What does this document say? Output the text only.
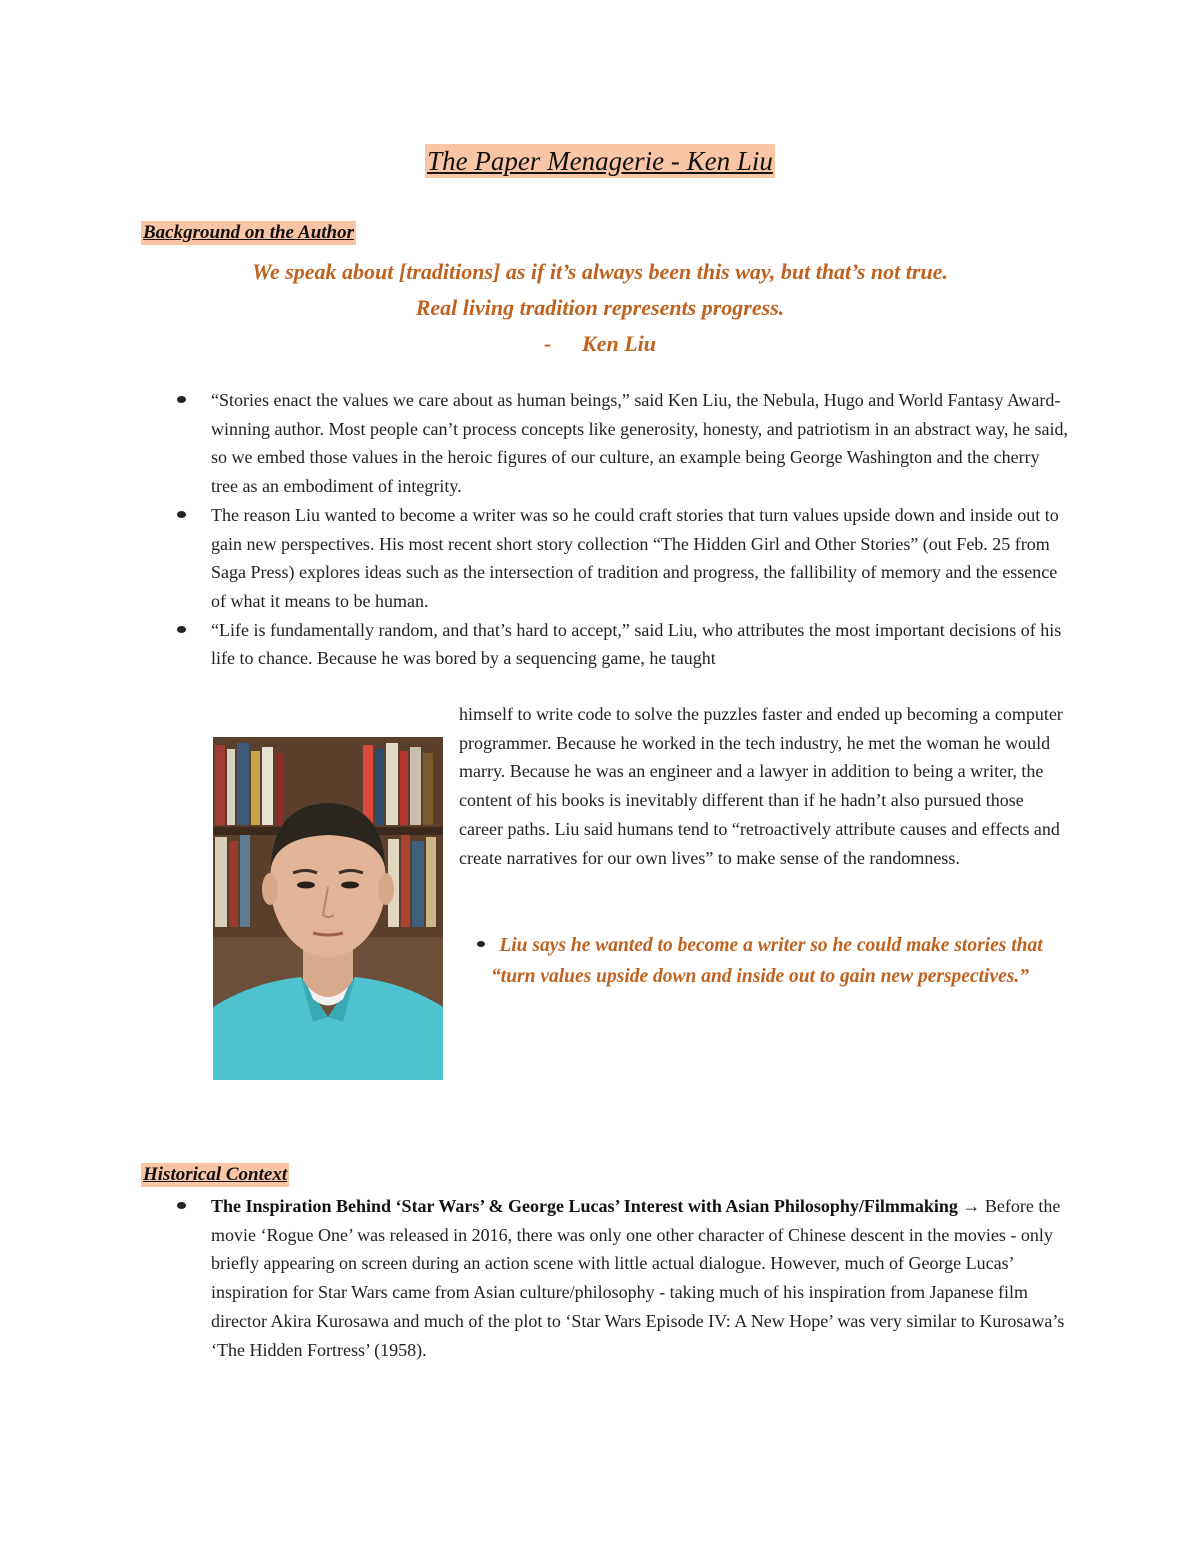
The Paper Menagerie - Ken Liu
Background on the Author
We speak about [traditions] as if it’s always been this way, but that’s not true.
Real living tradition represents progress.
- Ken Liu
“Stories enact the values we care about as human beings,” said Ken Liu, the Nebula, Hugo and World Fantasy Award-winning author. Most people can’t process concepts like generosity, honesty, and patriotism in an abstract way, he said, so we embed those values in the heroic figures of our culture, an example being George Washington and the cherry tree as an embodiment of integrity.
The reason Liu wanted to become a writer was so he could craft stories that turn values upside down and inside out to gain new perspectives. His most recent short story collection “The Hidden Girl and Other Stories” (out Feb. 25 from Saga Press) explores ideas such as the intersection of tradition and progress, the fallibility of memory and the essence of what it means to be human.
“Life is fundamentally random, and that’s hard to accept,” said Liu, who attributes the most important decisions of his life to chance. Because he was bored by a sequencing game, he taught
himself to write code to solve the puzzles faster and ended up becoming a computer programmer. Because he worked in the tech industry, he met the woman he would marry. Because he was an engineer and a lawyer in addition to being a writer, the content of his books is inevitably different than if he hadn’t also pursued those career paths. Liu said humans tend to “retroactively attribute causes and effects and create narratives for our own lives” to make sense of the randomness.
Liu says he wanted to become a writer so he could make stories that “turn values upside down and inside out to gain new perspectives.”
Historical Context
The Inspiration Behind ‘Star Wars’ & George Lucas’ Interest with Asian Philosophy/Filmmaking → Before the movie ‘Rogue One’ was released in 2016, there was only one other character of Chinese descent in the movies - only briefly appearing on screen during an action scene with little actual dialogue. However, much of George Lucas’ inspiration for Star Wars came from Asian culture/philosophy - taking much of his inspiration from Japanese film director Akira Kurosawa and much of the plot to ‘Star Wars Episode IV: A New Hope’ was very similar to Kurosawa’s ‘The Hidden Fortress’ (1958).
